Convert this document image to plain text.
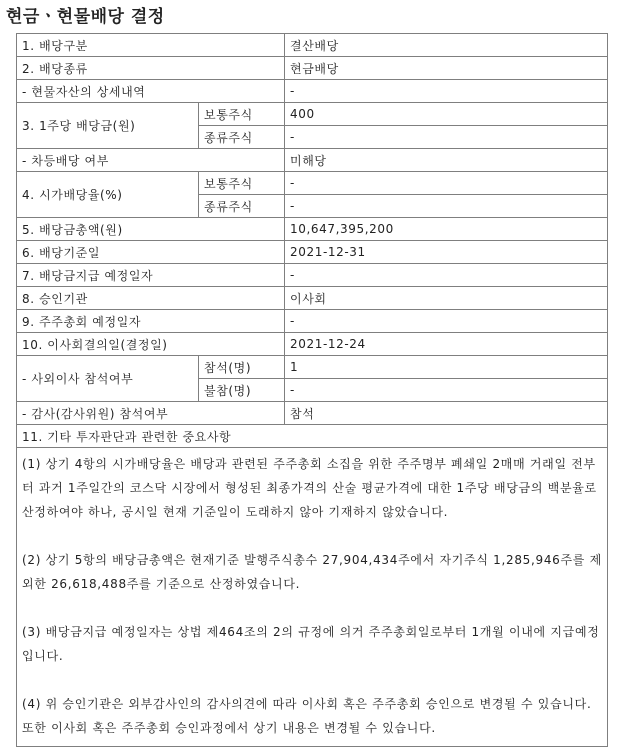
현금ㆍ현물배당 결정
1. 배당구분		결산배당
2. 배당종류		현금배당
- 현물자산의 상세내역		-
3. 1주당 배당금(원)	보통주식	400
	종류주식	-
- 차등배당 여부		미해당
4. 시가배당율(%)	보통주식	-
	종류주식	-
5. 배당금총액(원)		10,647,395,200
6. 배당기준일		2021-12-31
7. 배당금지급 예정일자		-
8. 승인기관		이사회
9. 주주총회 예정일자		-
10. 이사회결의일(결정일)		2021-12-24
- 사외이사 참석여부	참석(명)	1
	불참(명)	-
- 감사(감사위원) 참석여부		참석
11. 기타 투자판단과 관련한 중요사항		

(1) 상기 4항의 시가배당율은 배당과 관련된 주주총회 소집을 위한 주주명부 폐쇄일 2매매 거래일 전부터 과거 1주일간의 코스닥 시장에서 형성된 최종가격의 산술 평균가격에 대한 1주당 배당금의 백분율로 산정하여야 하나, 공시일 현재 기준일이 도래하지 않아 기재하지 않았습니다.

(2) 상기 5항의 배당금총액은 현재기준 발행주식총수 27,904,434주에서 자기주식 1,285,946주를 제외한 26,618,488주를 기준으로 산정하였습니다.

(3) 배당금지급 예정일자는 상법 제464조의 2의 규정에 의거 주주총회일로부터 1개월 이내에 지급예정입니다.

(4) 위 승인기관은 외부감사인의 감사의견에 따라 이사회 혹은 주주총회 승인으로 변경될 수 있습니다. 또한 이사회 혹은 주주총회 승인과정에서 상기 내용은 변경될 수 있습니다.		
